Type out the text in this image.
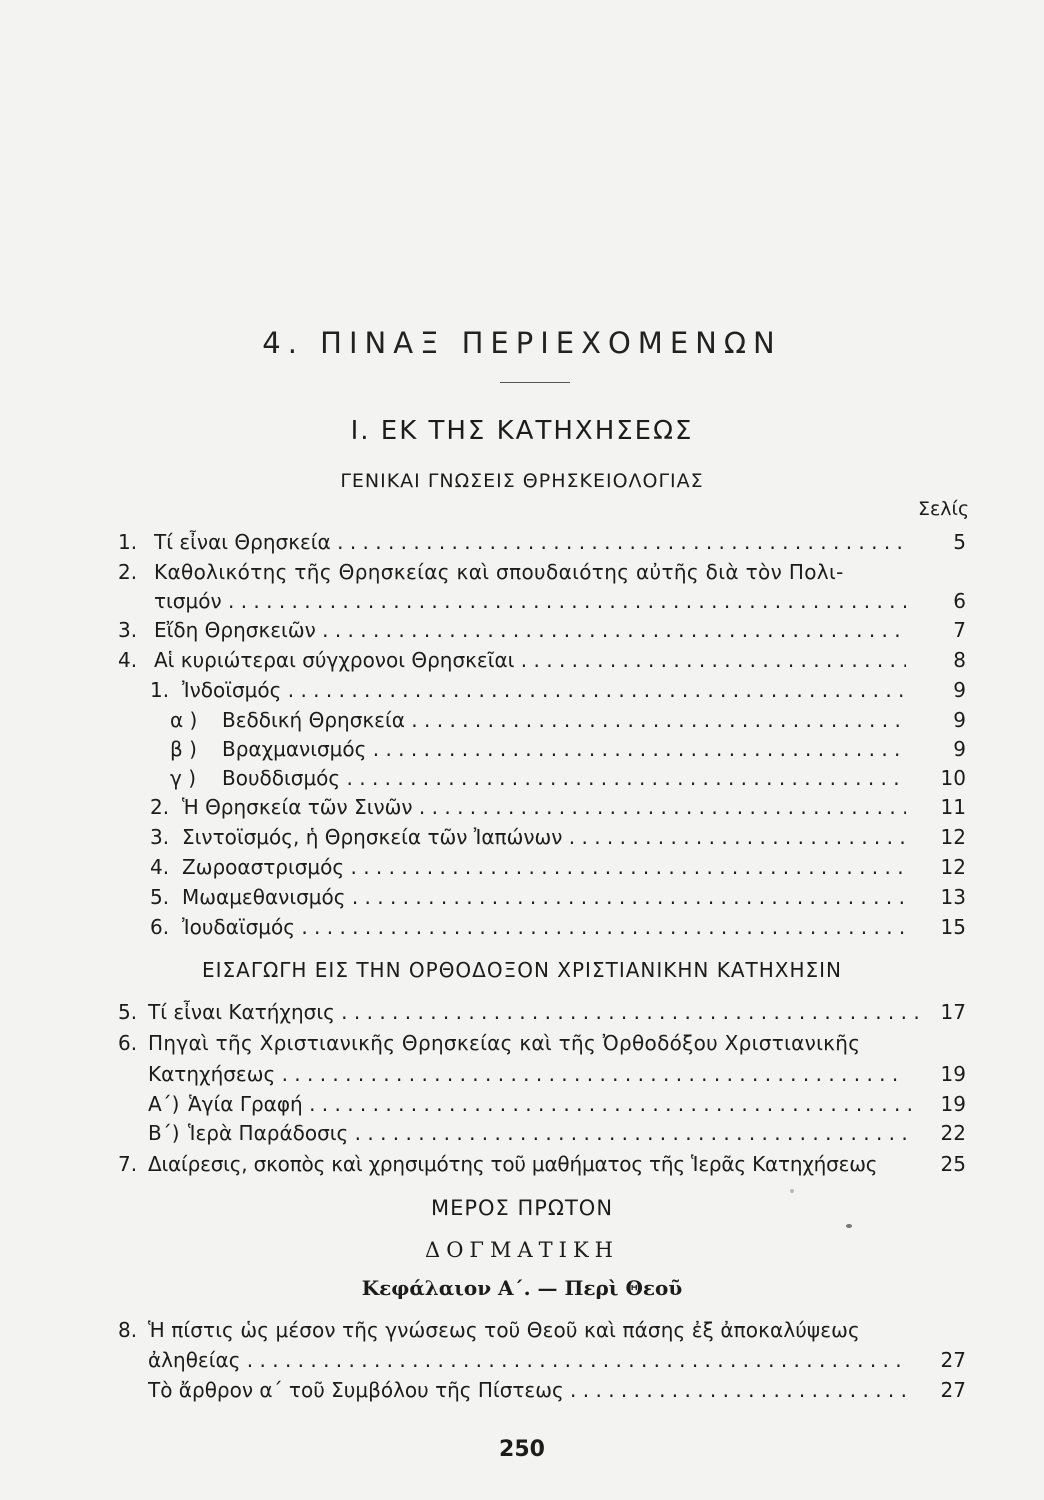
4. ΠΙΝΑΞ ΠΕΡΙΕΧΟΜΕΝΩΝ
Ι. ΕΚ ΤΗΣ ΚΑΤΗΧΗΣΕΩΣ
ΓΕΝΙΚΑΙ ΓΝΩΣΕΙΣ ΘΡΗΣΚΕΙΟΛΟΓΙΑΣ
Σελίς
1. Τί εἶναι Θρησκεία . . .	5
2. Καθολικότης τῆς Θρησκείας καὶ σπουδαιότης αὐτῆς διὰ τὸν Πολι-
τισμόν . . .	6
3. Εἴδη Θρησκειῶν . . .	7
4. Αἱ κυριώτεραι σύγχρονοι Θρησκεῖαι . . .	8
1. Ἰνδοϊσμός . . .	9
α ) Βεδδική Θρησκεία . . .	9
β ) Βραχμανισμός . . .	9
γ ) Βουδδισμός . . .	10
2. Ἡ Θρησκεία τῶν Σινῶν . . .	11
3. Σιντοϊσμός, ἡ Θρησκεία τῶν Ἰαπώνων . . .	12
4. Ζωροαστρισμός . . .	12
5. Μωαμεθανισμός . . .	13
6. Ἰουδαϊσμός . . .	15
ΕΙΣΑΓΩΓΗ ΕΙΣ ΤΗΝ ΟΡΘΟΔΟΞΟΝ ΧΡΙΣΤΙΑΝΙΚΗΝ ΚΑΤΗΧΗΣΙΝ
5. Τί εἶναι Κατήχησις . . .	17
6. Πηγαὶ τῆς Χριστιανικῆς Θρησκείας καὶ τῆς Ὀρθοδόξου Χριστιανικῆς
Κατηχήσεως . . .	19
Α΄) Ἁγία Γραφή . . .	19
Β΄) Ἱερὰ Παράδοσις . . .	22
7. Διαίρεσις, σκοπὸς καὶ χρησιμότης τοῦ μαθήματος τῆς Ἱερᾶς Κατηχήσεως	25
ΜΕΡΟΣ ΠΡΩΤΟΝ
ΔΟΓΜΑΤΙΚΗ
Κεφάλαιον Α΄. — Περὶ Θεοῦ
8. Ἡ πίστις ὡς μέσον τῆς γνώσεως τοῦ Θεοῦ καὶ πάσης ἐξ ἀποκαλύψεως
ἀληθείας . . .	27
Τὸ ἄρθρον α΄ τοῦ Συμβόλου τῆς Πίστεως . . .	27
250
